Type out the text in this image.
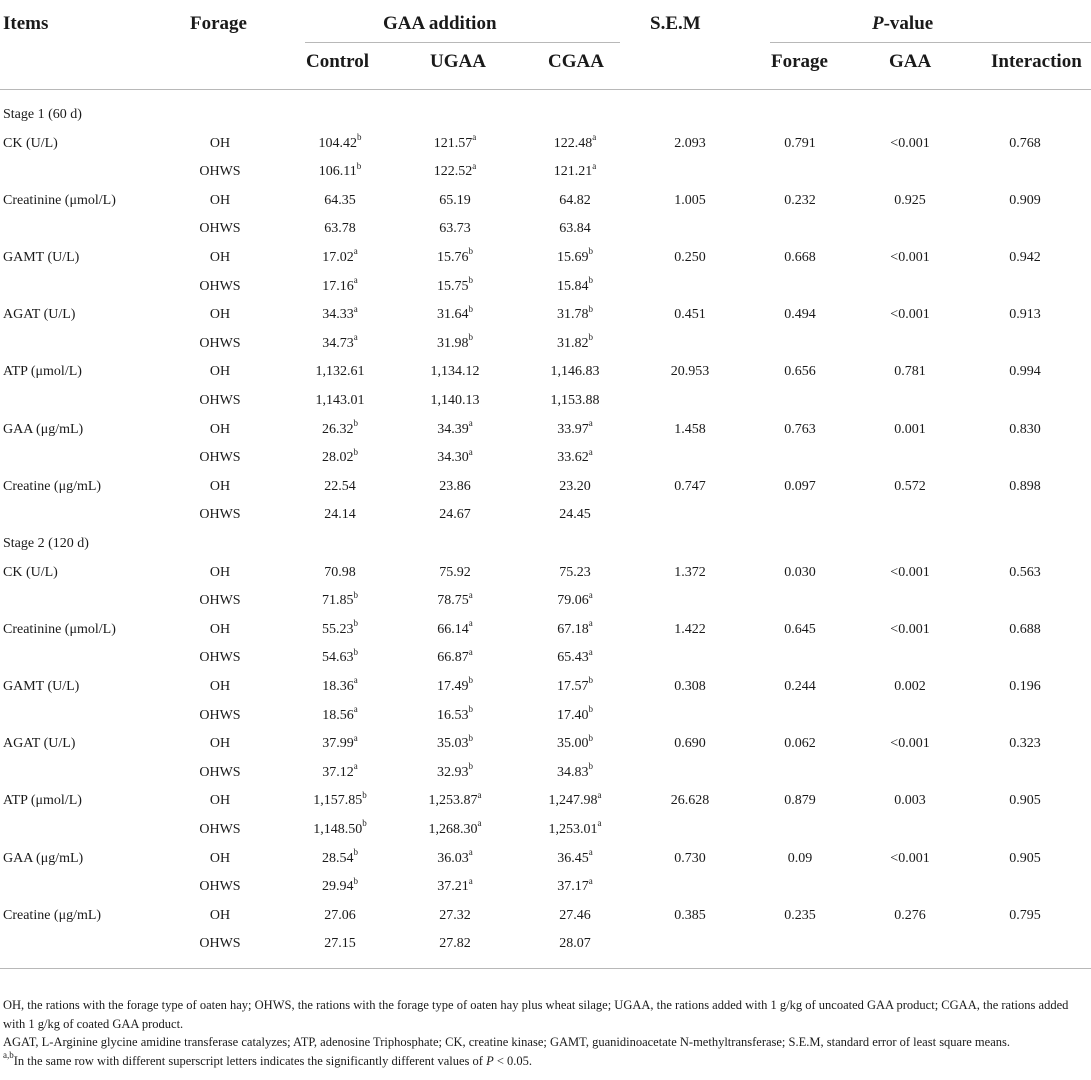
Items	Forage	GAA addition	S.E.M	P-value
Control	UGAA	CGAA	Forage	GAA	Interaction
Stage 1 (60 d)
CK (U/L)	OH	104.42$^b$	121.57$^a$	122.48$^a$	2.093	0.791	<0.001	0.768
OHWS	106.11$^b$	122.52$^a$	121.21$^a$
Creatinine (μmol/L)	OH	64.35	65.19	64.82	1.005	0.232	0.925	0.909
OHWS	63.78	63.73	63.84
GAMT (U/L)	OH	17.02$^a$	15.76$^b$	15.69$^b$	0.250	0.668	<0.001	0.942
OHWS	17.16$^a$	15.75$^b$	15.84$^b$
AGAT (U/L)	OH	34.33$^a$	31.64$^b$	31.78$^b$	0.451	0.494	<0.001	0.913
OHWS	34.73$^a$	31.98$^b$	31.82$^b$
ATP (μmol/L)	OH	1,132.61	1,134.12	1,146.83	20.953	0.656	0.781	0.994
OHWS	1,143.01	1,140.13	1,153.88
GAA (μg/mL)	OH	26.32$^b$	34.39$^a$	33.97$^a$	1.458	0.763	0.001	0.830
OHWS	28.02$^b$	34.30$^a$	33.62$^a$
Creatine (μg/mL)	OH	22.54	23.86	23.20	0.747	0.097	0.572	0.898
OHWS	24.14	24.67	24.45
Stage 2 (120 d)
CK (U/L)	OH	70.98	75.92	75.23	1.372	0.030	<0.001	0.563
OHWS	71.85$^b$	78.75$^a$	79.06$^a$
Creatinine (μmol/L)	OH	55.23$^b$	66.14$^a$	67.18$^a$	1.422	0.645	<0.001	0.688
OHWS	54.63$^b$	66.87$^a$	65.43$^a$
GAMT (U/L)	OH	18.36$^a$	17.49$^b$	17.57$^b$	0.308	0.244	0.002	0.196
OHWS	18.56$^a$	16.53$^b$	17.40$^b$
AGAT (U/L)	OH	37.99$^a$	35.03$^b$	35.00$^b$	0.690	0.062	<0.001	0.323
OHWS	37.12$^a$	32.93$^b$	34.83$^b$
ATP (μmol/L)	OH	1,157.85$^b$	1,253.87$^a$	1,247.98$^a$	26.628	0.879	0.003	0.905
OHWS	1,148.50$^b$	1,268.30$^a$	1,253.01$^a$
GAA (μg/mL)	OH	28.54$^b$	36.03$^a$	36.45$^a$	0.730	0.09	<0.001	0.905
OHWS	29.94$^b$	37.21$^a$	37.17$^a$
Creatine (μg/mL)	OH	27.06	27.32	27.46	0.385	0.235	0.276	0.795
OHWS	27.15	27.82	28.07

OH, the rations with the forage type of oaten hay; OHWS, the rations with the forage type of oaten hay plus wheat silage; UGAA, the rations added with 1 g/kg of uncoated GAA product; CGAA, the rations added with 1 g/kg of coated GAA product.

AGAT, L-Arginine glycine amidine transferase catalyzes; ATP, adenosine Triphosphate; CK, creatine kinase; GAMT, guanidinoacetate N-methyltransferase; S.E.M, standard error of least square means.

$^{a,b}$In the same row with different superscript letters indicates the significantly different values of P < 0.05.
